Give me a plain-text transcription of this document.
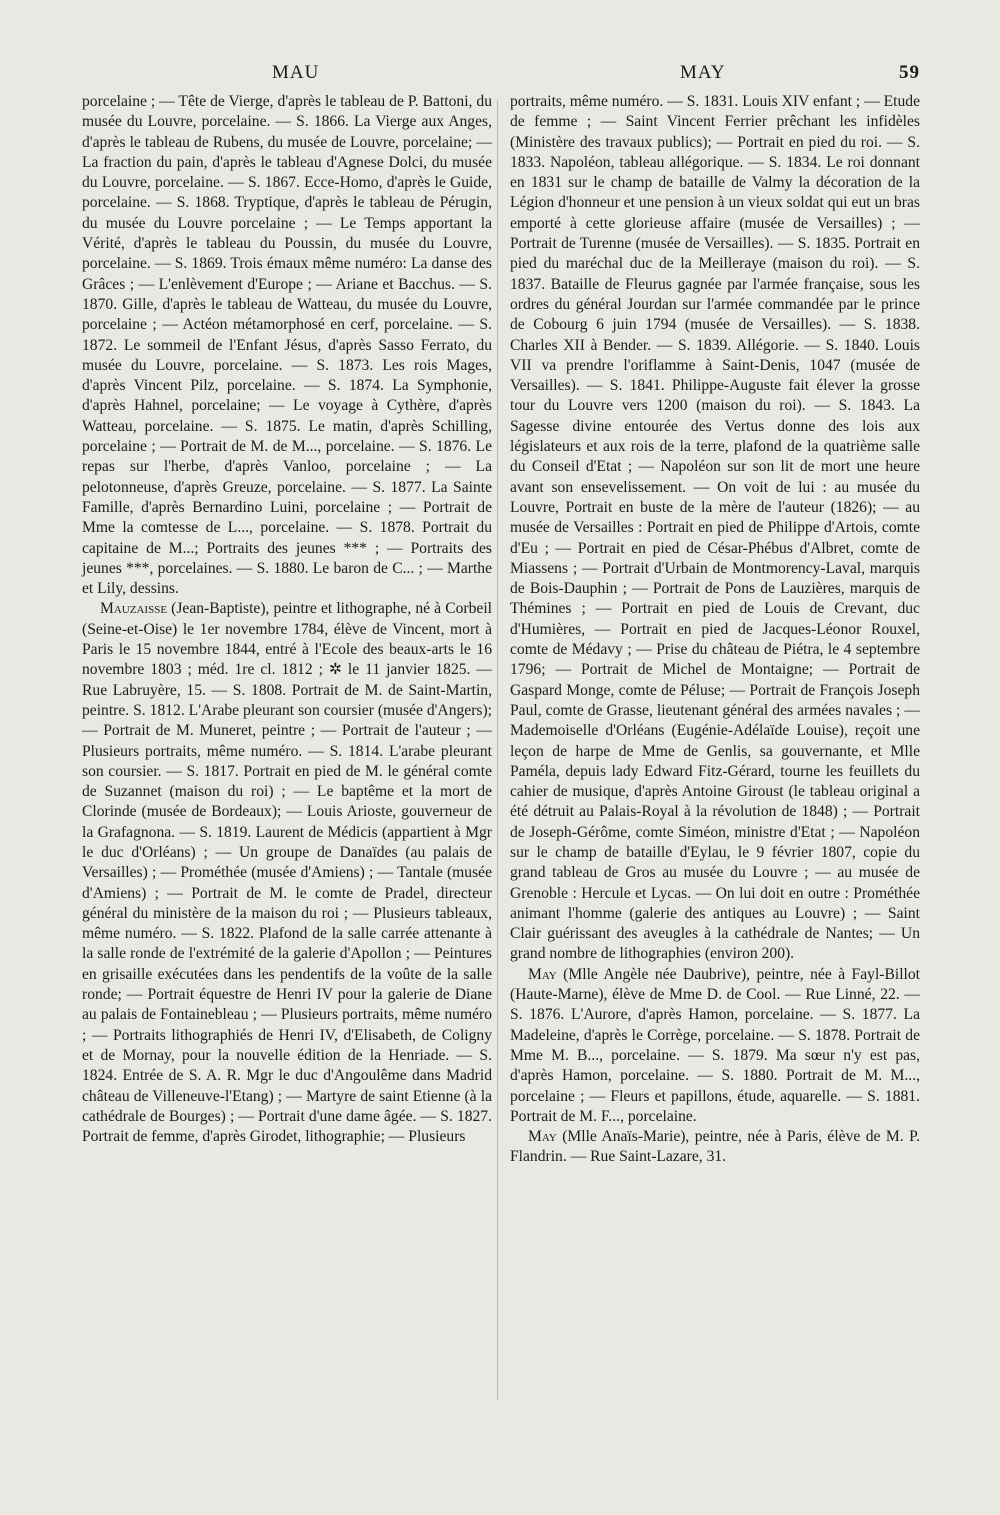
MAU	MAY	59

porcelaine ; — Tête de Vierge, d'après le tableau de P. Battoni, du musée du Louvre, porcelaine. — S. 1866. La Vierge aux Anges, d'après le tableau de Rubens, du musée de Louvre, porcelaine; — La fraction du pain, d'après le tableau d'Agnese Dolci, du musée du Louvre, porcelaine. — S. 1867. Ecce-Homo, d'après le Guide, porcelaine. — S. 1868. Tryptique, d'après le tableau de Pérugin, du musée du Louvre porcelaine ; — Le Temps apportant la Vérité, d'après le tableau du Poussin, du musée du Louvre, porcelaine. — S. 1869. Trois émaux même numéro: La danse des Grâces ; — L'enlèvement d'Europe ; — Ariane et Bacchus. — S. 1870. Gille, d'après le tableau de Watteau, du musée du Louvre, porcelaine ; — Actéon métamorphosé en cerf, porcelaine. — S. 1872. Le sommeil de l'Enfant Jésus, d'après Sasso Ferrato, du musée du Louvre, porcelaine. — S. 1873. Les rois Mages, d'après Vincent Pilz, porcelaine. — S. 1874. La Symphonie, d'après Hahnel, porcelaine; — Le voyage à Cythère, d'après Watteau, porcelaine. — S. 1875. Le matin, d'après Schilling, porcelaine ; — Portrait de M. de M..., porcelaine. — S. 1876. Le repas sur l'herbe, d'après Vanloo, porcelaine ; — La pelotonneuse, d'après Greuze, porcelaine. — S. 1877. La Sainte Famille, d'après Bernardino Luini, porcelaine ; — Portrait de Mme la comtesse de L..., porcelaine. — S. 1878. Portrait du capitaine de M...; Portraits des jeunes *** ; — Portraits des jeunes ***, porcelaines. — S. 1880. Le baron de C... ; — Marthe et Lily, dessins.

Mauzaisse (Jean-Baptiste), peintre et lithographe, né à Corbeil (Seine-et-Oise) le 1er novembre 1784, élève de Vincent, mort à Paris le 15 novembre 1844, entré à l'Ecole des beaux-arts le 16 novembre 1803 ; méd. 1re cl. 1812 ; ✲ le 11 janvier 1825. — Rue Labruyère, 15. — S. 1808. Portrait de M. de Saint-Martin, peintre. S. 1812. L'Arabe pleurant son coursier (musée d'Angers); — Portrait de M. Muneret, peintre ; — Portrait de l'auteur ; — Plusieurs portraits, même numéro. — S. 1814. L'arabe pleurant son coursier. — S. 1817. Portrait en pied de M. le général comte de Suzannet (maison du roi) ; — Le baptême et la mort de Clorinde (musée de Bordeaux); — Louis Arioste, gouverneur de la Grafagnona. — S. 1819. Laurent de Médicis (appartient à Mgr le duc d'Orléans) ; — Un groupe de Danaïdes (au palais de Versailles) ; — Prométhée (musée d'Amiens) ; — Tantale (musée d'Amiens) ; — Portrait de M. le comte de Pradel, directeur général du ministère de la maison du roi ; — Plusieurs tableaux, même numéro. — S. 1822. Plafond de la salle carrée attenante à la salle ronde de l'extrémité de la galerie d'Apollon ; — Peintures en grisaille exécutées dans les pendentifs de la voûte de la salle ronde; — Portrait équestre de Henri IV pour la galerie de Diane au palais de Fontainebleau ; — Plusieurs portraits, même numéro ; — Portraits lithographiés de Henri IV, d'Elisabeth, de Coligny et de Mornay, pour la nouvelle édition de la Henriade. — S. 1824. Entrée de S. A. R. Mgr le duc d'Angoulême dans Madrid château de Villeneuve-l'Etang) ; — Martyre de saint Etienne (à la cathédrale de Bourges) ; — Portrait d'une dame âgée. — S. 1827. Portrait de femme, d'après Girodet, lithographie; — Plusieurs

portraits, même numéro. — S. 1831. Louis XIV enfant ; — Etude de femme ; — Saint Vincent Ferrier prêchant les infidèles (Ministère des travaux publics); — Portrait en pied du roi. — S. 1833. Napoléon, tableau allégorique. — S. 1834. Le roi donnant en 1831 sur le champ de bataille de Valmy la décoration de la Légion d'honneur et une pension à un vieux soldat qui eut un bras emporté à cette glorieuse affaire (musée de Versailles) ; — Portrait de Turenne (musée de Versailles). — S. 1835. Portrait en pied du maréchal duc de la Meilleraye (maison du roi). — S. 1837. Bataille de Fleurus gagnée par l'armée française, sous les ordres du général Jourdan sur l'armée commandée par le prince de Cobourg 6 juin 1794 (musée de Versailles). — S. 1838. Charles XII à Bender. — S. 1839. Allégorie. — S. 1840. Louis VII va prendre l'oriflamme à Saint-Denis, 1047 (musée de Versailles). — S. 1841. Philippe-Auguste fait élever la grosse tour du Louvre vers 1200 (maison du roi). — S. 1843. La Sagesse divine entourée des Vertus donne des lois aux législateurs et aux rois de la terre, plafond de la quatrième salle du Conseil d'Etat ; — Napoléon sur son lit de mort une heure avant son ensevelissement. — On voit de lui : au musée du Louvre, Portrait en buste de la mère de l'auteur (1826); — au musée de Versailles : Portrait en pied de Philippe d'Artois, comte d'Eu ; — Portrait en pied de César-Phébus d'Albret, comte de Miassens ; — Portrait d'Urbain de Montmorency-Laval, marquis de Bois-Dauphin ; — Portrait de Pons de Lauzières, marquis de Thémines ; — Portrait en pied de Louis de Crevant, duc d'Humières, — Portrait en pied de Jacques-Léonor Rouxel, comte de Médavy ; — Prise du château de Piétra, le 4 septembre 1796; — Portrait de Michel de Montaigne; — Portrait de Gaspard Monge, comte de Péluse; — Portrait de François Joseph Paul, comte de Grasse, lieutenant général des armées navales ; — Mademoiselle d'Orléans (Eugénie-Adélaïde Louise), reçoit une leçon de harpe de Mme de Genlis, sa gouvernante, et Mlle Paméla, depuis lady Edward Fitz-Gérard, tourne les feuillets du cahier de musique, d'après Antoine Giroust (le tableau original a été détruit au Palais-Royal à la révolution de 1848) ; — Portrait de Joseph-Gérôme, comte Siméon, ministre d'Etat ; — Napoléon sur le champ de bataille d'Eylau, le 9 février 1807, copie du grand tableau de Gros au musée du Louvre ; — au musée de Grenoble : Hercule et Lycas. — On lui doit en outre : Prométhée animant l'homme (galerie des antiques au Louvre) ; — Saint Clair guérissant des aveugles à la cathédrale de Nantes; — Un grand nombre de lithographies (environ 200).

May (Mlle Angèle née Daubrive), peintre, née à Fayl-Billot (Haute-Marne), élève de Mme D. de Cool. — Rue Linné, 22. — S. 1876. L'Aurore, d'après Hamon, porcelaine. — S. 1877. La Madeleine, d'après le Corrège, porcelaine. — S. 1878. Portrait de Mme M. B..., porcelaine. — S. 1879. Ma sœur n'y est pas, d'après Hamon, porcelaine. — S. 1880. Portrait de M. M..., porcelaine ; — Fleurs et papillons, étude, aquarelle. — S. 1881. Portrait de M. F..., porcelaine.

May (Mlle Anaïs-Marie), peintre, née à Paris, élève de M. P. Flandrin. — Rue Saint-Lazare, 31.
